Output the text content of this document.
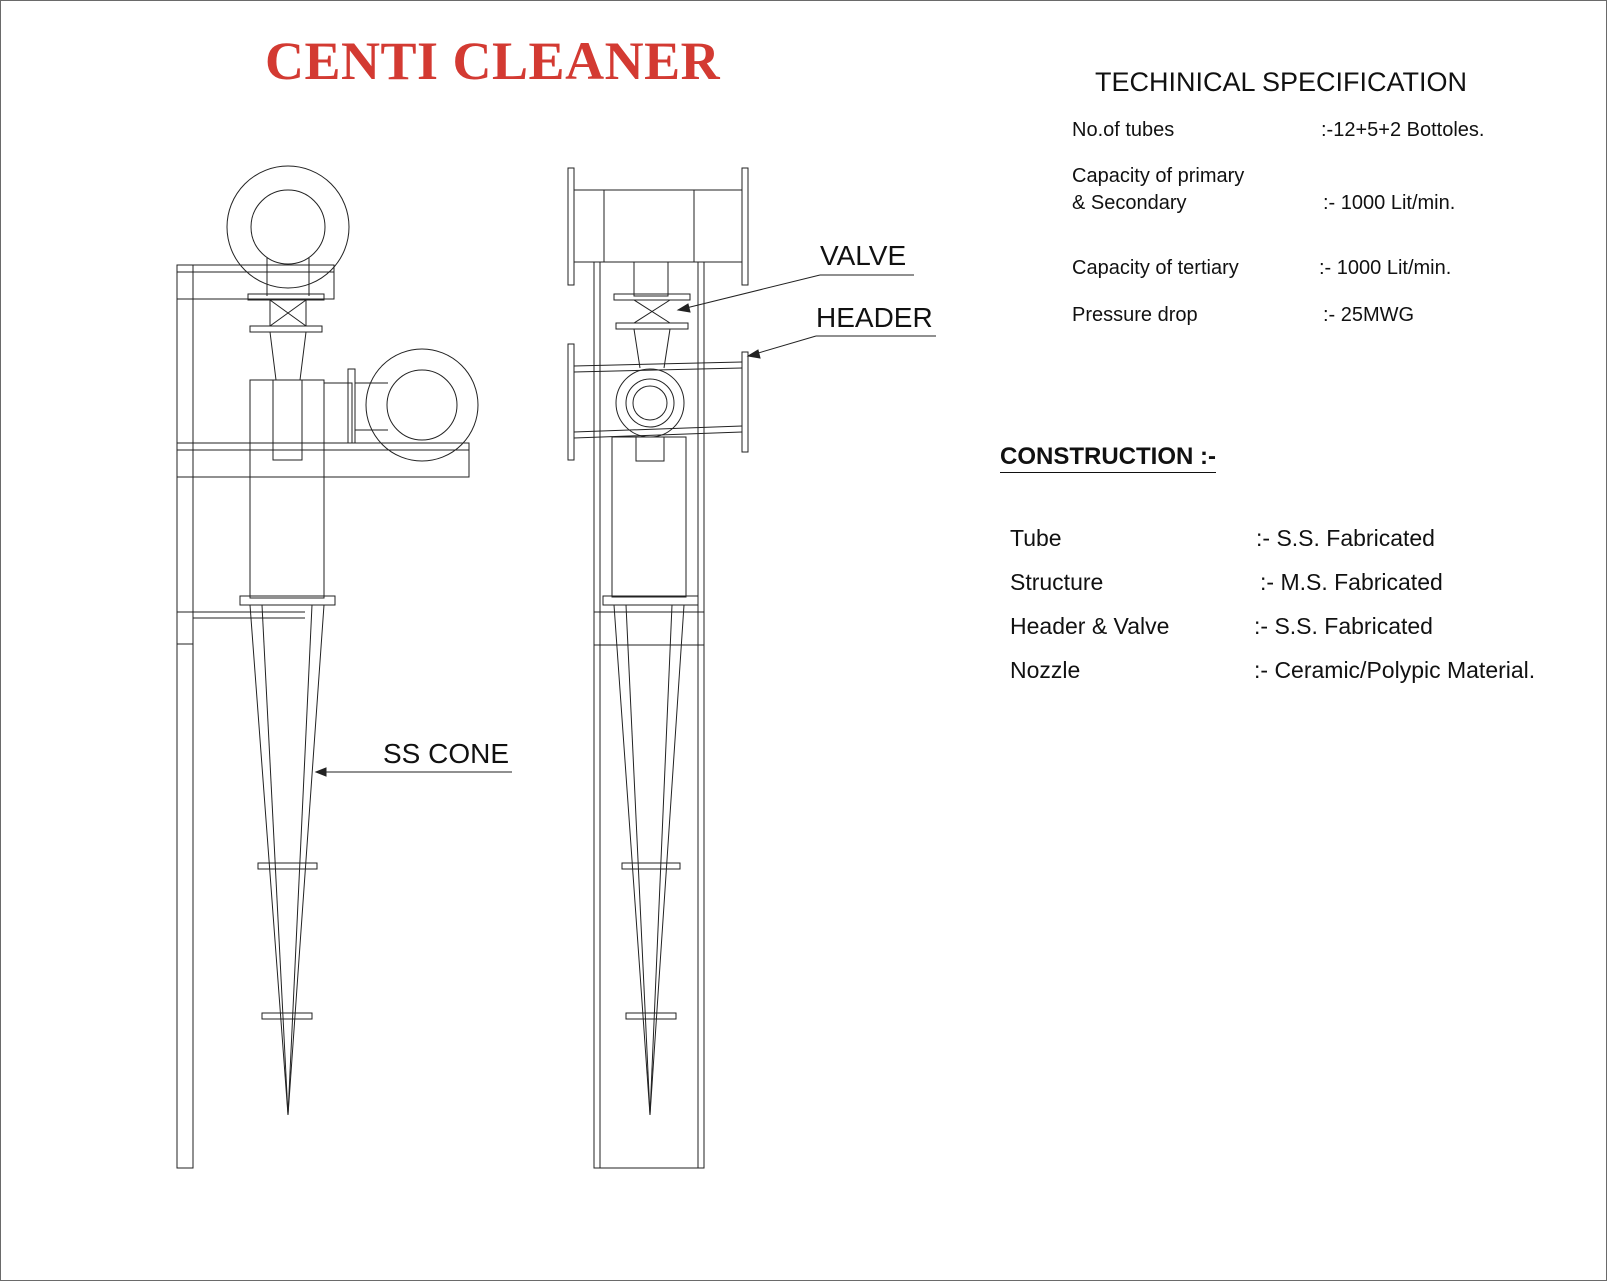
CENTI CLEANER	TECHINICAL SPECIFICATION
No.of tubes	:-12+5+2 Bottoles.
Capacity of primary
& Secondary	:- 1000 Lit/min.
Capacity of tertiary	:- 1000 Lit/min.
Pressure drop	:- 25MWG
CONSTRUCTION :-
Tube	:- S.S. Fabricated
Structure	:- M.S. Fabricated
Header & Valve	:- S.S. Fabricated
Nozzle	:- Ceramic/Polypic Material.
VALVE
HEADER
SS CONE
